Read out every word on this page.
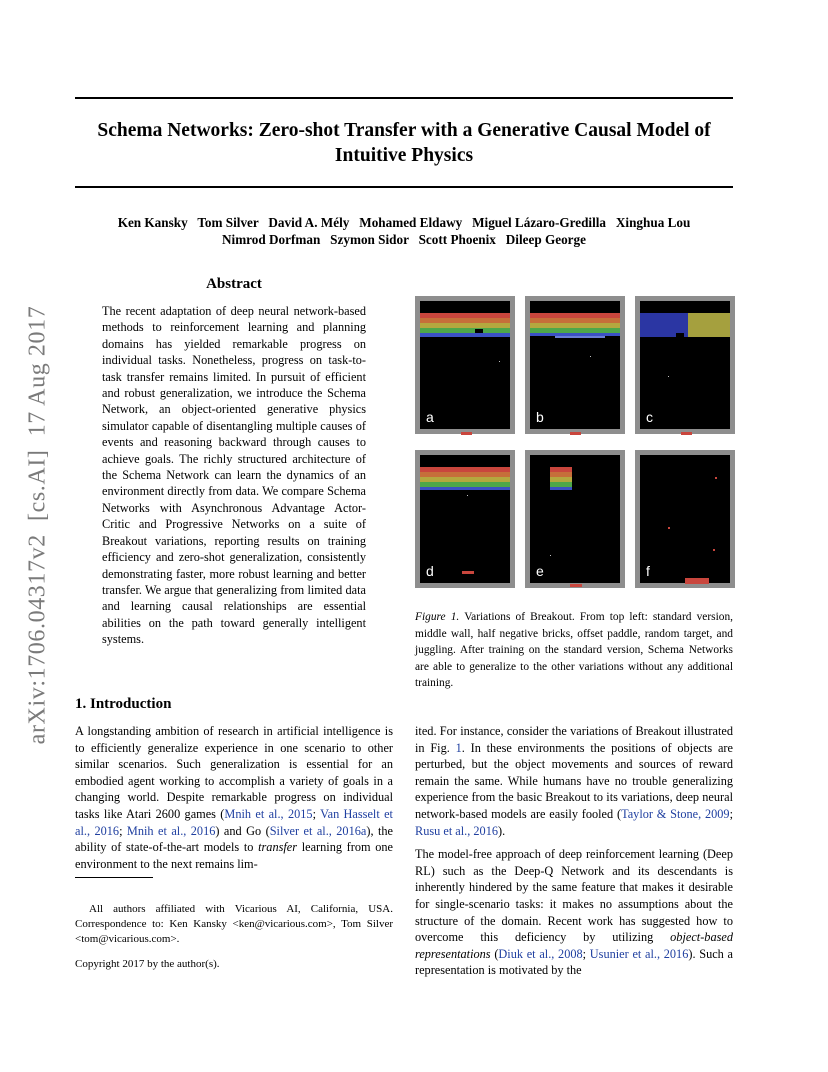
Schema Networks: Zero-shot Transfer with a Generative Causal Model of
Intuitive Physics
Ken Kansky   Tom Silver   David A. Mély   Mohamed Eldawy   Miguel Lázaro-Gredilla   Xinghua Lou
Nimrod Dorfman   Szymon Sidor   Scott Phoenix   Dileep George
arXiv:1706.04317v2  [cs.AI]  17 Aug 2017
Abstract
The recent adaptation of deep neural network-based methods to reinforcement learning and planning domains has yielded remarkable progress on individual tasks. Nonetheless, progress on task-to-task transfer remains limited. In pursuit of efficient and robust generalization, we introduce the Schema Network, an object-oriented generative physics simulator capable of disentangling multiple causes of events and reasoning backward through causes to achieve goals. The richly structured architecture of the Schema Network can learn the dynamics of an environment directly from data. We compare Schema Networks with Asynchronous Advantage Actor-Critic and Progressive Networks on a suite of Breakout variations, reporting results on training efficiency and zero-shot generalization, consistently demonstrating faster, more robust learning and better transfer. We argue that generalizing from limited data and learning causal relationships are essential abilities on the path toward generally intelligent systems.
a	b	c
d	e	f
Figure 1. Variations of Breakout. From top left: standard version, middle wall, half negative bricks, offset paddle, random target, and juggling. After training on the standard version, Schema Networks are able to generalize to the other variations without any additional training.
1. Introduction
A longstanding ambition of research in artificial intelligence is to efficiently generalize experience in one scenario to other similar scenarios. Such generalization is essential for an embodied agent working to accomplish a variety of goals in a changing world. Despite remarkable progress on individual tasks like Atari 2600 games (Mnih et al., 2015; Van Hasselt et al., 2016; Mnih et al., 2016) and Go (Silver et al., 2016a), the ability of state-of-the-art models to transfer learning from one environment to the next remains lim-
ited. For instance, consider the variations of Breakout illustrated in Fig. 1. In these environments the positions of objects are perturbed, but the object movements and sources of reward remain the same. While humans have no trouble generalizing experience from the basic Breakout to its variations, deep neural network-based models are easily fooled (Taylor & Stone, 2009; Rusu et al., 2016).
The model-free approach of deep reinforcement learning (Deep RL) such as the Deep-Q Network and its descendants is inherently hindered by the same feature that makes it desirable for single-scenario tasks: it makes no assumptions about the structure of the domain. Recent work has suggested how to overcome this deficiency by utilizing object-based representations (Diuk et al., 2008; Usunier et al., 2016). Such a representation is motivated by the
All authors affiliated with Vicarious AI, California, USA. Correspondence to: Ken Kansky <ken@vicarious.com>, Tom Silver <tom@vicarious.com>.
Copyright 2017 by the author(s).
